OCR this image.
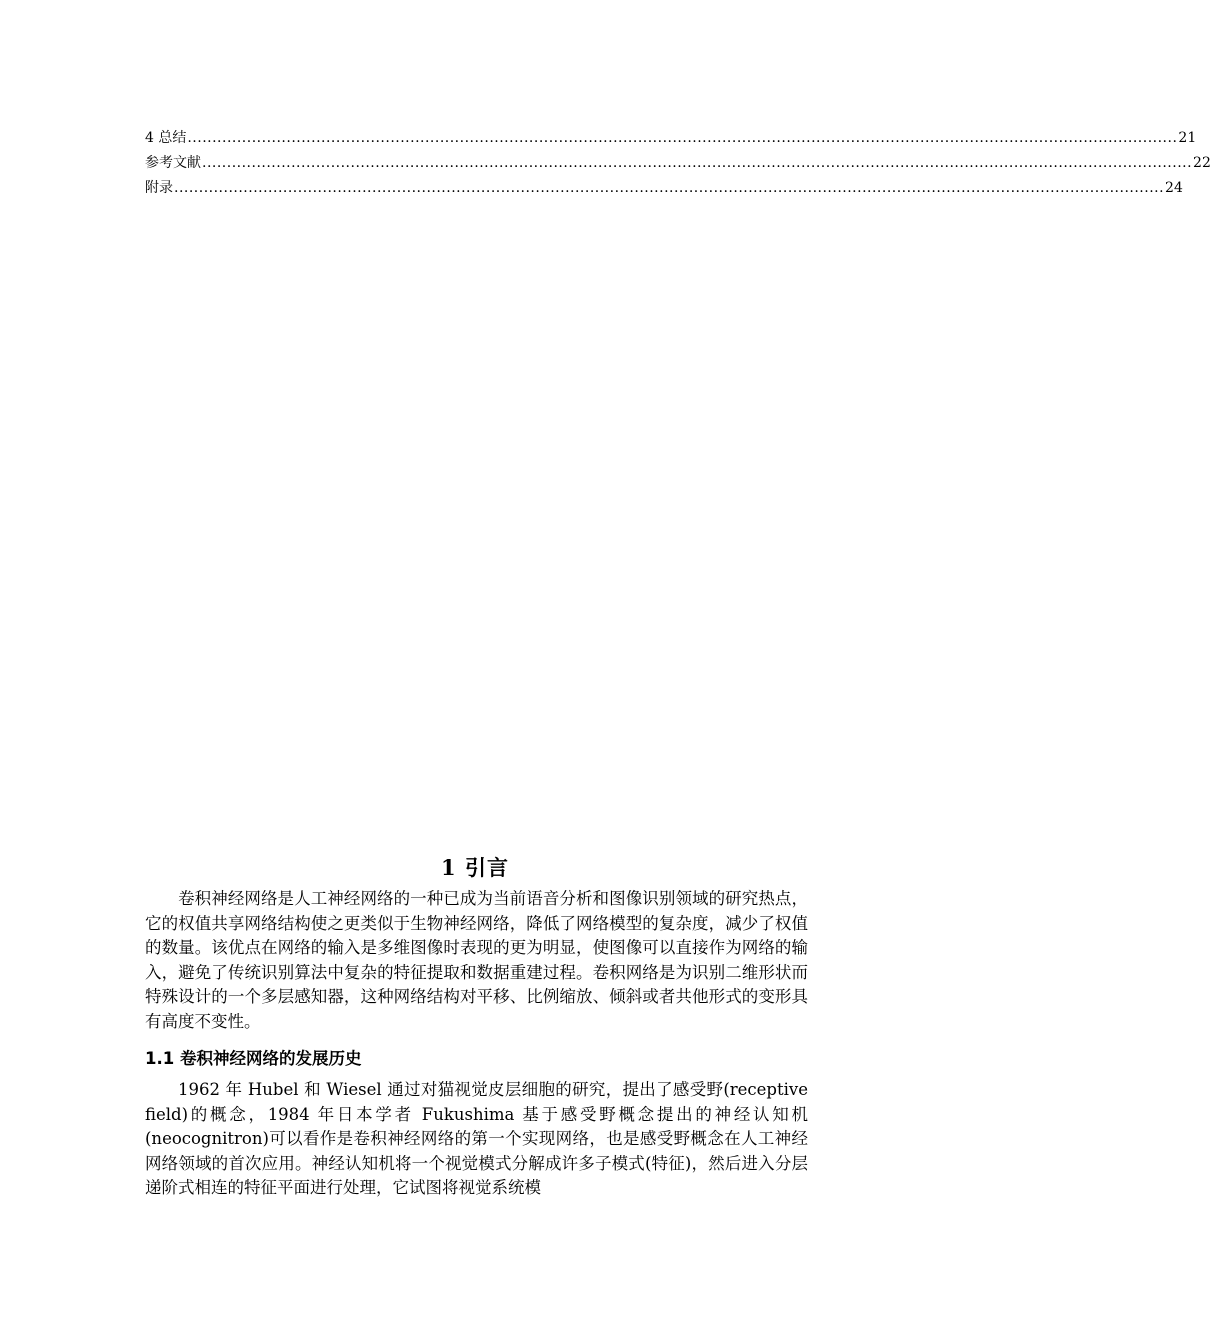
4 总结 ........................................................................................................................................................................................................ 21
参考文献 ........................................................................................................................................................................................................ 22
附录 ........................................................................................................................................................................................................ 24
1 引言

卷积神经网络是人工神经网络的一种已成为当前语音分析和图像识别领域的研究热点，它的权值共享网络结构使之更类似于生物神经网络，降低了网络模型的复杂度，减少了权值的数量。该优点在网络的输入是多维图像时表现的更为明显，使图像可以直接作为网络的输入，避免了传统识别算法中复杂的特征提取和数据重建过程。卷积网络是为识别二维形状而特殊设计的一个多层感知器，这种网络结构对平移、比例缩放、倾斜或者共他形式的变形具有高度不变性。

1.1 卷积神经网络的发展历史

1962 年 Hubel 和 Wiesel 通过对猫视觉皮层细胞的研究，提出了感受野(receptive field)的概念，1984 年日本学者 Fukushima 基于感受野概念提出的神经认知机(neocognitron)可以看作是卷积神经网络的第一个实现网络，也是感受野概念在人工神经网络领域的首次应用。神经认知机将一个视觉模式分解成许多子模式(特征)，然后进入分层递阶式相连的特征平面进行处理，它试图将视觉系统模
